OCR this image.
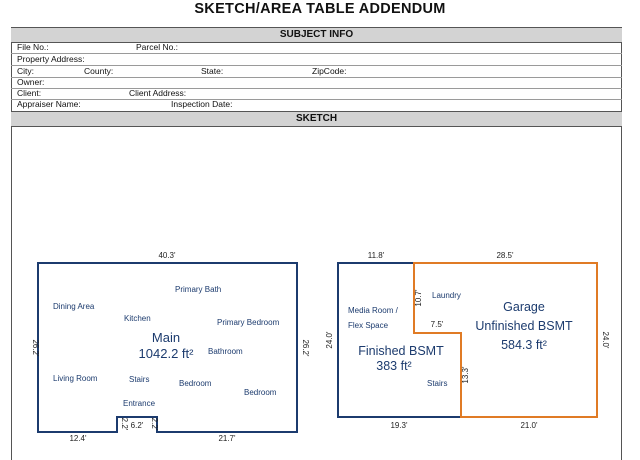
SKETCH/AREA TABLE ADDENDUM
SUBJECT INFO
File No.:	Parcel No.:
Property Address:
City:	County:	State:	ZipCode:
Owner:
Client:	Client Address:
Appraiser Name:	Inspection Date:
SKETCH
40.3'
26.2'	26.2'
12.4'	21.7'
2.2' 6.2' 2.2'
Dining Area
Kitchen
Primary Bath
Primary Bedroom
Bathroom
Living Room	Stairs	Bedroom
Bedroom
Entrance
Main
1042.2 ft²
11.8'
24.0'
19.3'
10.7'
7.5'
13.3'
Media Room /
Flex Space
Stairs
Laundry
Finished BSMT
383 ft²
28.5'
24.0'
21.0'
Garage
Unfinished BSMT
584.3 ft²
